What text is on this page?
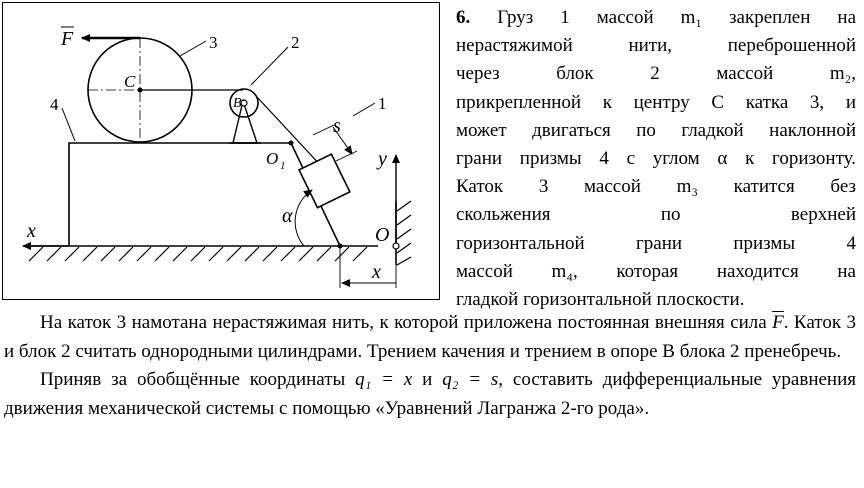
F	3	2
1
4
C
B
O 1
s
y
x	O
α
x
6. Груз 1 массой m₁ закреплен на
нерастяжимой нити, переброшенной
через блок 2 массой m₂,
прикрепленной к центру C катка 3, и
может двигаться по гладкой наклонной
грани призмы 4 с углом α к горизонту.
Каток 3 массой m₃ катится без
скольжения по верхней
горизонтальной грани призмы 4
массой m₄, которая находится на
гладкой горизонтальной плоскости.

На каток 3 намотана нерастяжимая нить, к которой приложена постоянная внешняя сила $\overline{F}$. Каток 3 и блок 2 считать однородными цилиндрами. Трением качения и трением в опоре B блока 2 пренебречь.

Приняв за обобщённые координаты q₁ = x и q₂ = s, составить дифференциальные уравнения движения механической системы с помощью «Уравнений Лагранжа 2-го рода».
